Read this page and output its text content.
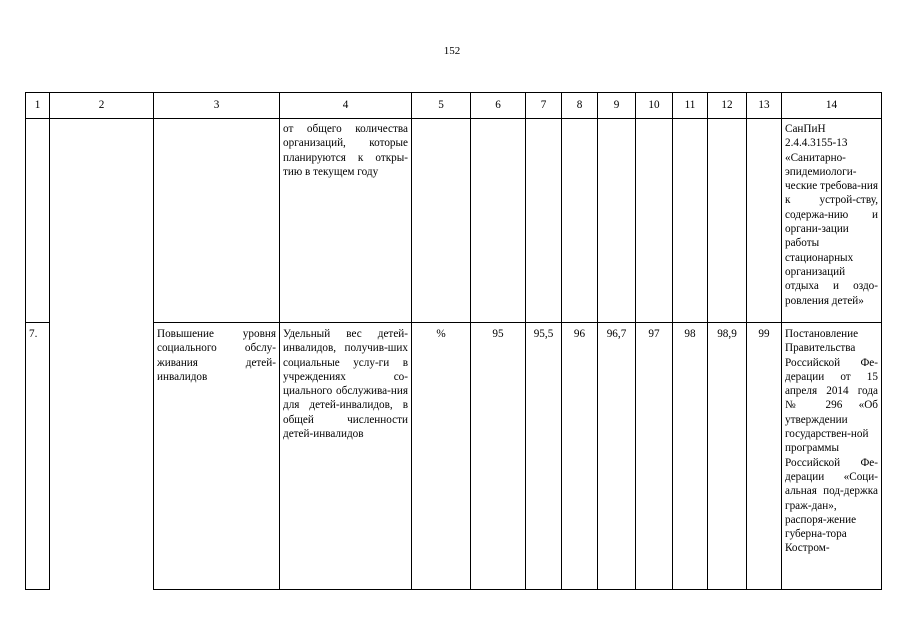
152
1	2	3	4	5	6	7	8	9	10	11	12	13	14
			от общего количества организаций, которые планируются к откры-тию в текущем году										СанПиН 2.4.4.3155-13 «Санитарно-эпидемиологи-ческие требова-ния к устрой-ству, содержа-нию и органи-зации работы стационарных организаций отдыха и оздо-ровления детей»
7.		Повышение уровня социального обслу-живания детей-инвалидов	Удельный вес детей-инвалидов, получив-ших социальные услу-ги в учреждениях со-циального обслужива-ния для детей-инвалидов, в общей численности детей-инвалидов	%	95	95,5	96	96,7	97	98	98,9	99	Постановление Правительства Российской Фе-дерации от 15 апреля 2014 года № 296 «Об утверждении государствен-ной программы Российской Фе-дерации «Соци-альная под-держка граж-дан», распоря-жение губерна-тора Костром-
